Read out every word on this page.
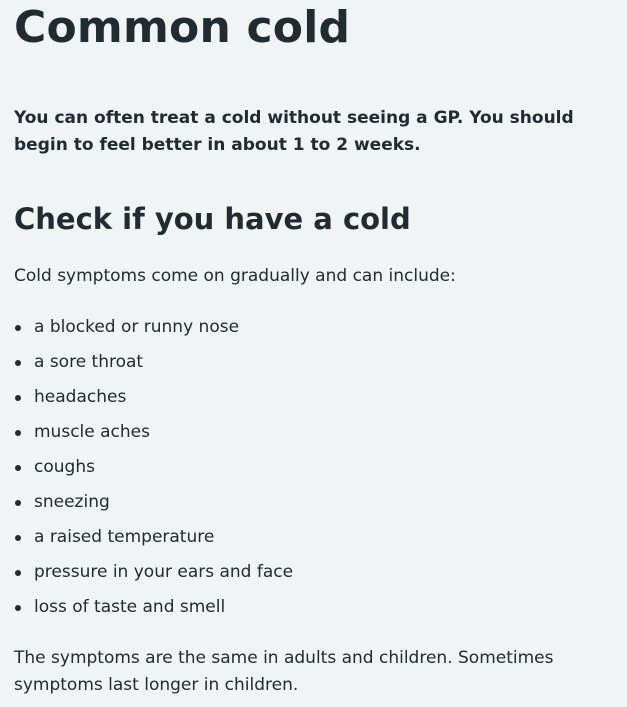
Common cold

You can often treat a cold without seeing a GP. You should begin to feel better in about 1 to 2 weeks.

Check if you have a cold

Cold symptoms come on gradually and can include:

a blocked or runny nose
a sore throat
headaches
muscle aches
coughs
sneezing
a raised temperature
pressure in your ears and face
loss of taste and smell

The symptoms are the same in adults and children. Sometimes symptoms last longer in children.
